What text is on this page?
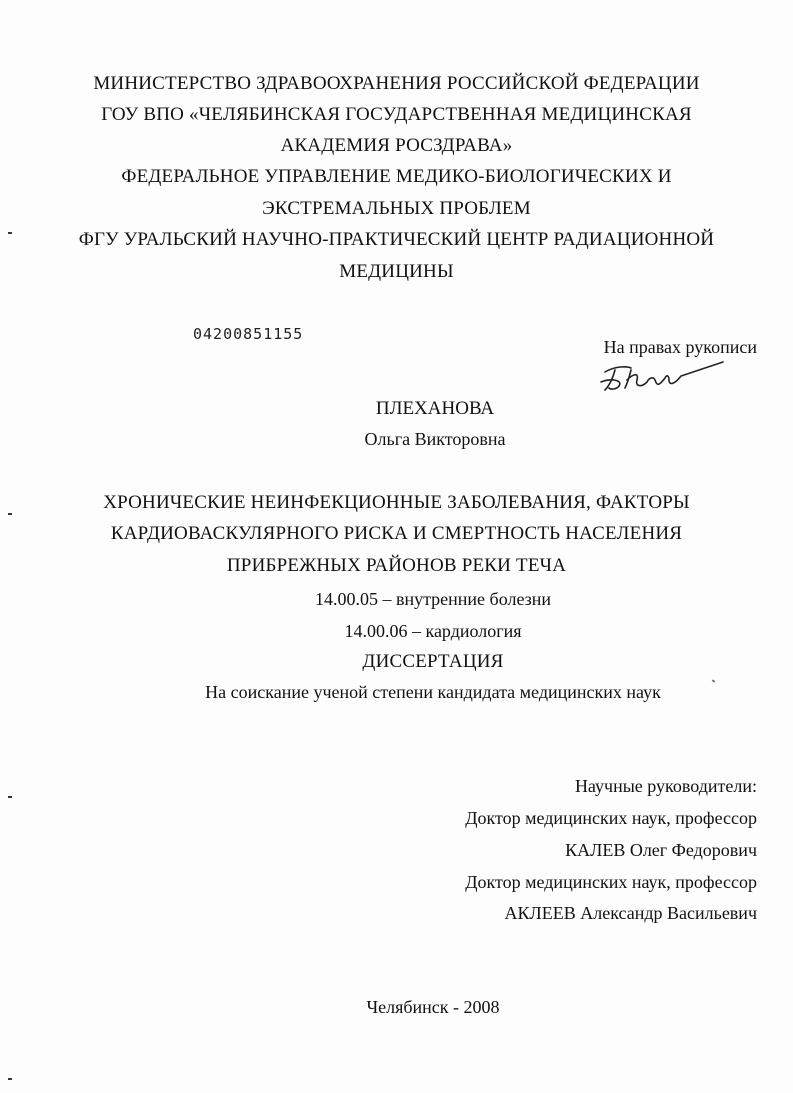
МИНИСТЕРСТВО ЗДРАВООХРАНЕНИЯ РОССИЙСКОЙ ФЕДЕРАЦИИ
ГОУ ВПО «ЧЕЛЯБИНСКАЯ ГОСУДАРСТВЕННАЯ МЕДИЦИНСКАЯ
АКАДЕМИЯ РОСЗДРАВА»
ФЕДЕРАЛЬНОЕ УПРАВЛЕНИЕ МЕДИКО-БИОЛОГИЧЕСКИХ И
ЭКСТРЕМАЛЬНЫХ ПРОБЛЕМ
ФГУ УРАЛЬСКИЙ НАУЧНО-ПРАКТИЧЕСКИЙ ЦЕНТР РАДИАЦИОННОЙ
МЕДИЦИНЫ
04200851155
На правах рукописи
ПЛЕХАНОВА
Ольга Викторовна
ХРОНИЧЕСКИЕ НЕИНФЕКЦИОННЫЕ ЗАБОЛЕВАНИЯ, ФАКТОРЫ
КАРДИОВАСКУЛЯРНОГО РИСКА И СМЕРТНОСТЬ НАСЕЛЕНИЯ
ПРИБРЕЖНЫХ РАЙОНОВ РЕКИ ТЕЧА
14.00.05 – внутренние болезни
14.00.06 – кардиология
ДИССЕРТАЦИЯ
На соискание ученой степени кандидата медицинских наук
Научные руководители:
Доктор медицинских наук, профессор
КАЛЕВ Олег Федорович
Доктор медицинских наук, профессор
АКЛЕЕВ Александр Васильевич
Челябинск - 2008
